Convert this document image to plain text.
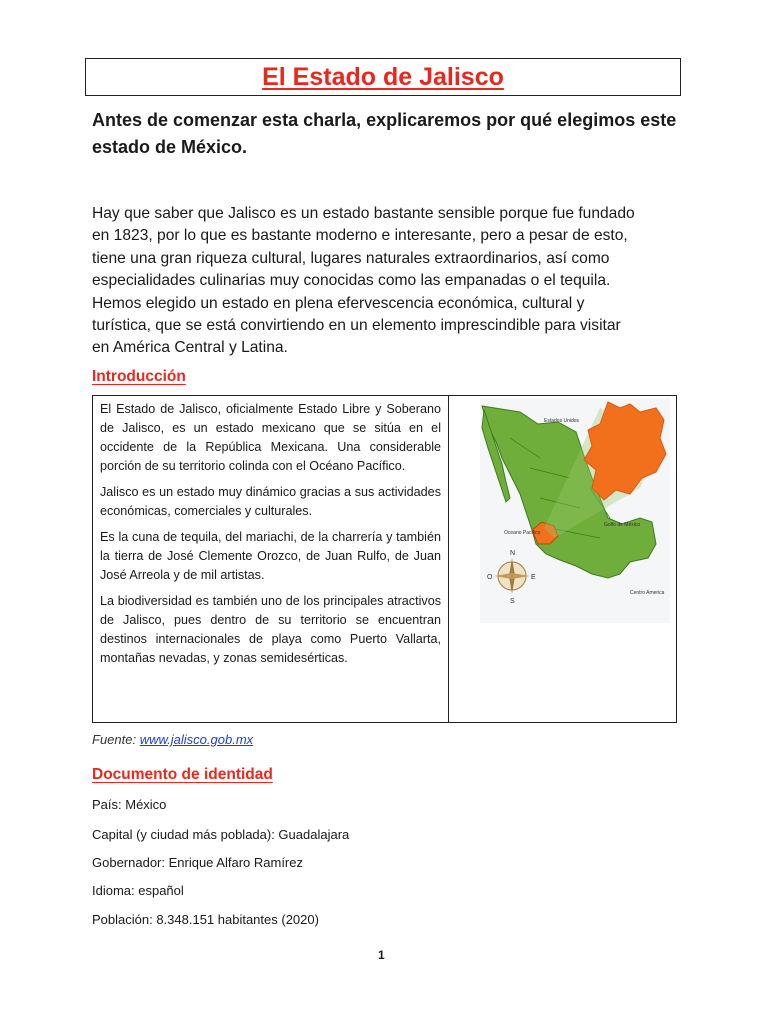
El Estado de Jalisco
Antes de comenzar esta charla, explicaremos por qué elegimos este estado de México.
Hay que saber que Jalisco es un estado bastante sensible porque fue fundado
en 1823, por lo que es bastante moderno e interesante, pero a pesar de esto,
tiene una gran riqueza cultural, lugares naturales extraordinarios, así como
especialidades culinarias muy conocidas como las empanadas o el tequila.
Hemos elegido un estado en plena efervescencia económica, cultural y
turística, que se está convirtiendo en un elemento imprescindible para visitar
en América Central y Latina.
Introducción

El Estado de Jalisco, oficialmente Estado Libre y Soberano de Jalisco, es un estado mexicano que se sitúa en el occidente de la República Mexicana. Una considerable porción de su territorio colinda con el Océano Pacífico.

Jalisco es un estado muy dinámico gracias a sus actividades económicas, comerciales y culturales.

Es la cuna de tequila, del mariachi, de la charrería y también la tierra de José Clemente Orozco, de Juan Rulfo, de Juan José Arreola y de mil artistas.

La biodiversidad es también uno de los principales atractivos de Jalisco, pues dentro de su territorio se encuentran destinos internacionales de playa como Puerto Vallarta, montañas nevadas, y zonas semidesérticas.

Estados Unidos
Oceano Pacifico
Golfo de México
Centro America
N
S
E
O
Fuente: www.jalisco.gob.mx
Documento de identidad
País: México
Capital (y ciudad más poblada): Guadalajara
Gobernador: Enrique Alfaro Ramírez
Idioma: español
Población: 8.348.151 habitantes (2020)
1
